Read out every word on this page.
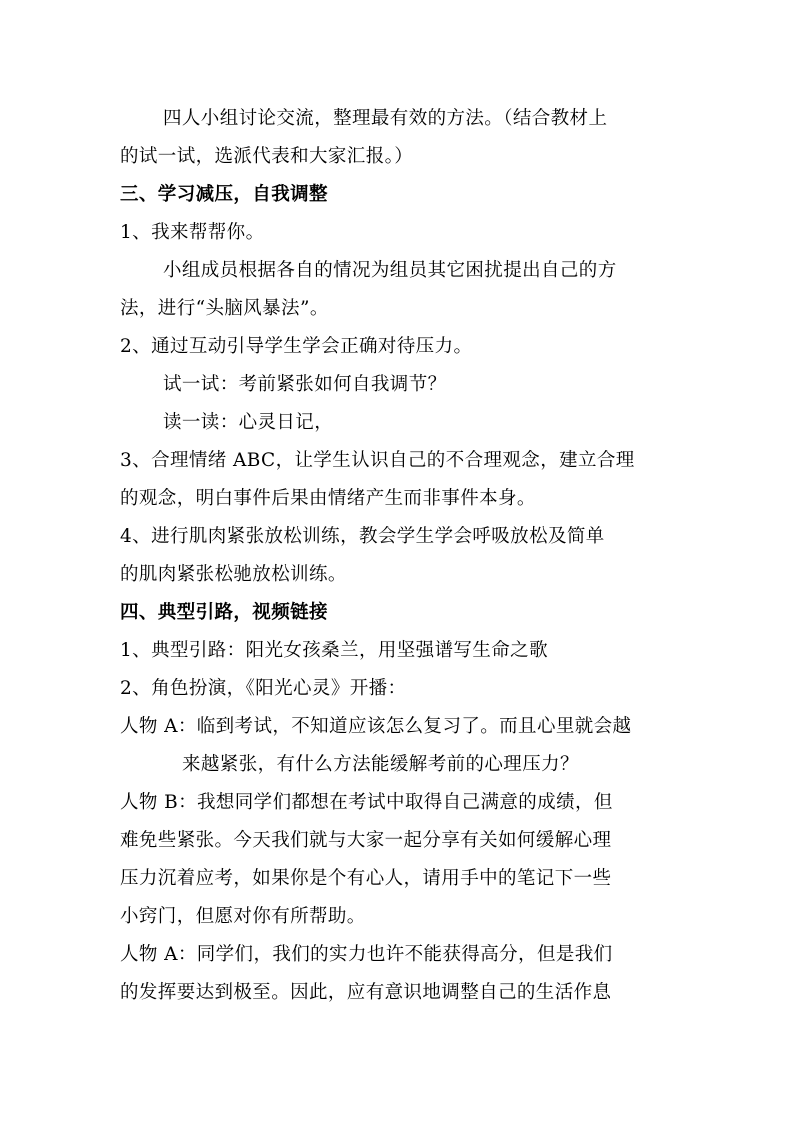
四人小组讨论交流，整理最有效的方法。（结合教材上
的试一试，选派代表和大家汇报。）
三、学习减压，自我调整
1、我来帮帮你。
小组成员根据各自的情况为组员其它困扰提出自己的方
法，进行“头脑风暴法”。
2、通过互动引导学生学会正确对待压力。
试一试：考前紧张如何自我调节？
读一读：心灵日记，
3、合理情绪 ABC，让学生认识自己的不合理观念，建立合理
的观念，明白事件后果由情绪产生而非事件本身。
4、进行肌肉紧张放松训练，教会学生学会呼吸放松及简单
的肌肉紧张松驰放松训练。
四、典型引路，视频链接
1、典型引路：阳光女孩桑兰，用坚强谱写生命之歌
2、角色扮演，《阳光心灵》开播：
人物 A：临到考试，不知道应该怎么复习了。而且心里就会越
来越紧张，有什么方法能缓解考前的心理压力？
人物 B：我想同学们都想在考试中取得自己满意的成绩，但
难免些紧张。今天我们就与大家一起分享有关如何缓解心理
压力沉着应考，如果你是个有心人，请用手中的笔记下一些
小窍门，但愿对你有所帮助。
人物 A：同学们，我们的实力也许不能获得高分，但是我们
的发挥要达到极至。因此，应有意识地调整自己的生活作息
